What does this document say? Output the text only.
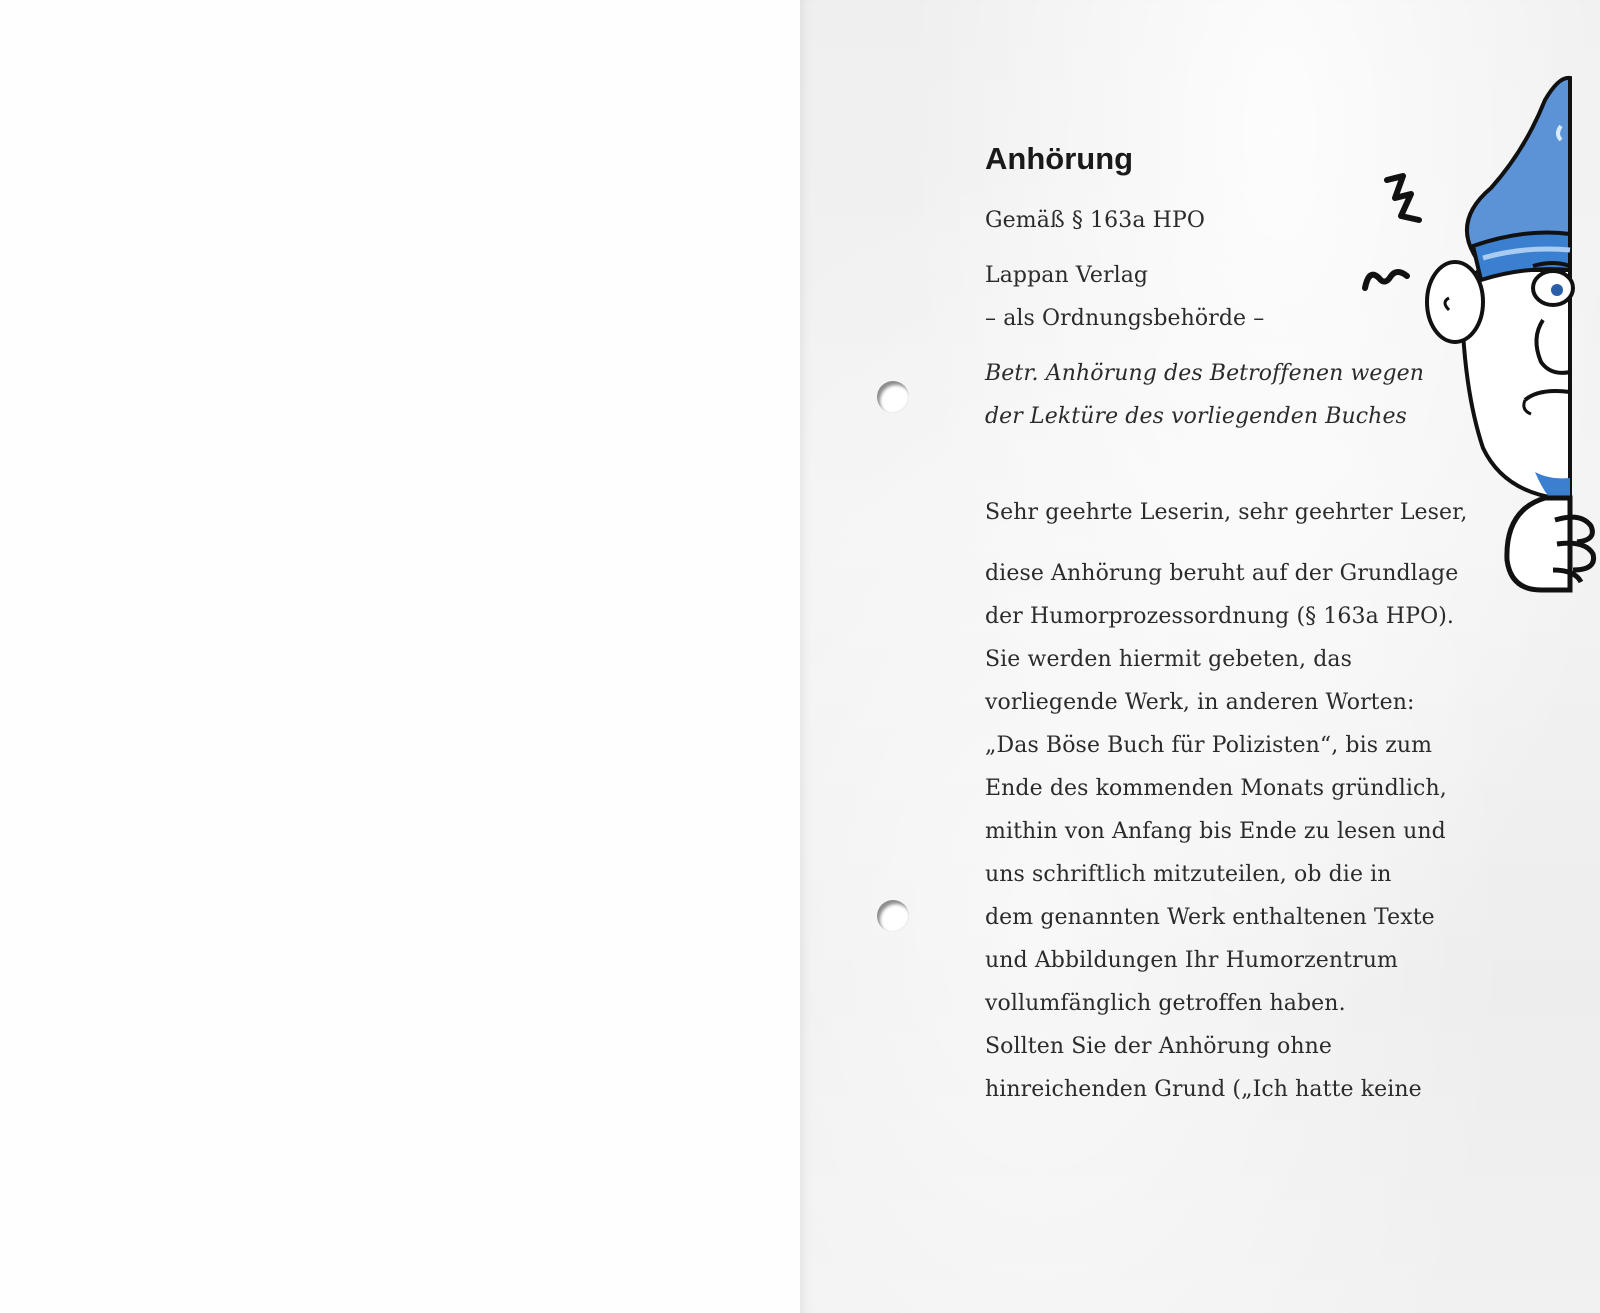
Anhörung
Gemäß § 163a HPO
Lappan Verlag
– als Ordnungsbehörde –
Betr. Anhörung des Betroffenen wegen
der Lektüre des vorliegenden Buches
Sehr geehrte Leserin, sehr geehrter Leser,
diese Anhörung beruht auf der Grundlage
der Humorprozessordnung (§ 163a HPO).
Sie werden hiermit gebeten, das
vorliegende Werk, in anderen Worten:
„Das Böse Buch für Polizisten“, bis zum
Ende des kommenden Monats gründlich,
mithin von Anfang bis Ende zu lesen und
uns schriftlich mitzuteilen, ob die in
dem genannten Werk enthaltenen Texte
und Abbildungen Ihr Humorzentrum
vollumfänglich getroffen haben.
Sollten Sie der Anhörung ohne
hinreichenden Grund („Ich hatte keine
